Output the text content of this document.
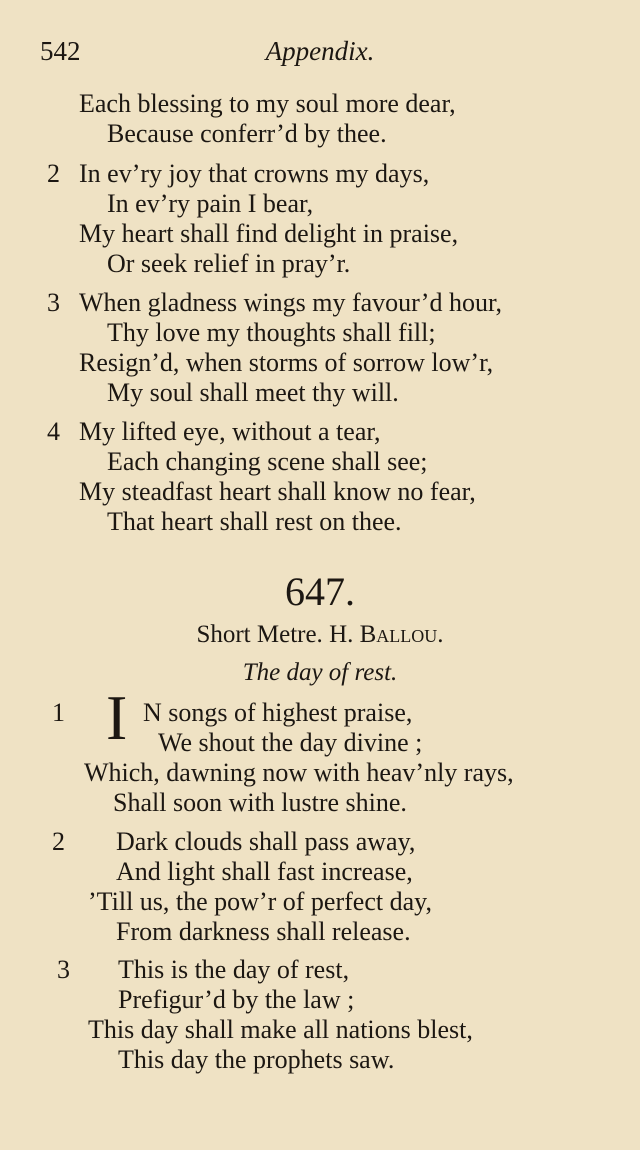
542	Appendix.
Each blessing to my soul more dear,
Because conferr’d by thee.
2 In ev’ry joy that crowns my days,
In ev’ry pain I bear,
My heart shall find delight in praise,
Or seek relief in pray’r.
3 When gladness wings my favour’d hour,
Thy love my thoughts shall fill;
Resign’d, when storms of sorrow low’r,
My soul shall meet thy will.
4 My lifted eye, without a tear,
Each changing scene shall see;
My steadfast heart shall know no fear,
That heart shall rest on thee.
647.
Short Metre. H. Ballou.
The day of rest.
1 I N songs of highest praise,
We shout the day divine ;
Which, dawning now with heav’nly rays,
Shall soon with lustre shine.
2 Dark clouds shall pass away,
And light shall fast increase,
’Till us, the pow’r of perfect day,
From darkness shall release.
3 This is the day of rest,
Prefigur’d by the law ;
This day shall make all nations blest,
This day the prophets saw.
